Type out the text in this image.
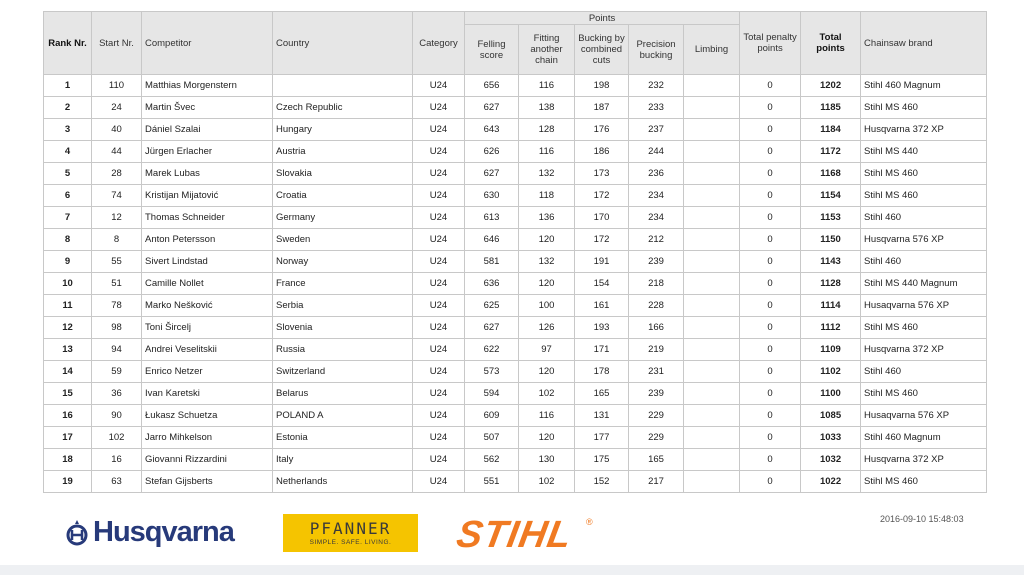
Rank Nr.	Start Nr.	Competitor	Country	Category	Points					Total penalty points	Total points	Chainsaw brand
					Felling score	Fitting another chain	Bucking by combined cuts	Precision bucking	Limbing			
1	110	Matthias Morgenstern		U24	656	116	198	232		0	1202	Stihl 460 Magnum
2	24	Martin Švec	Czech Republic	U24	627	138	187	233		0	1185	Stihl MS 460
3	40	Dániel Szalai	Hungary	U24	643	128	176	237		0	1184	Husqvarna 372 XP
4	44	Jürgen Erlacher	Austria	U24	626	116	186	244		0	1172	Stihl MS 440
5	28	Marek Lubas	Slovakia	U24	627	132	173	236		0	1168	Stihl MS 460
6	74	Kristijan Mijatović	Croatia	U24	630	118	172	234		0	1154	Stihl MS 460
7	12	Thomas Schneider	Germany	U24	613	136	170	234		0	1153	Stihl 460
8	8	Anton Petersson	Sweden	U24	646	120	172	212		0	1150	Husqvarna 576 XP
9	55	Sivert Lindstad	Norway	U24	581	132	191	239		0	1143	Stihl 460
10	51	Camille Nollet	France	U24	636	120	154	218		0	1128	Stihl MS 440 Magnum
11	78	Marko Nešković	Serbia	U24	625	100	161	228		0	1114	Husaqvarna 576 XP
12	98	Toni Šircelj	Slovenia	U24	627	126	193	166		0	1112	Stihl MS 460
13	94	Andrei Veselitskii	Russia	U24	622	97	171	219		0	1109	Husqvarna 372 XP
14	59	Enrico Netzer	Switzerland	U24	573	120	178	231		0	1102	Stihl 460
15	36	Ivan Karetski	Belarus	U24	594	102	165	239		0	1100	Stihl MS 460
16	90	Łukasz Schuetza	POLAND A	U24	609	116	131	229		0	1085	Husaqvarna 576 XP
17	102	Jarro Mihkelson	Estonia	U24	507	120	177	229		0	1033	Stihl 460 Magnum
18	16	Giovanni Rizzardini	Italy	U24	562	130	175	165		0	1032	Husqvarna 372 XP
19	63	Stefan Gijsberts	Netherlands	U24	551	102	152	217		0	1022	Stihl MS 460
Husqvarna	PFANNER
SIMPLE. SAFE. LIVING.	STIHL ®	2016-09-10 15:48:03
